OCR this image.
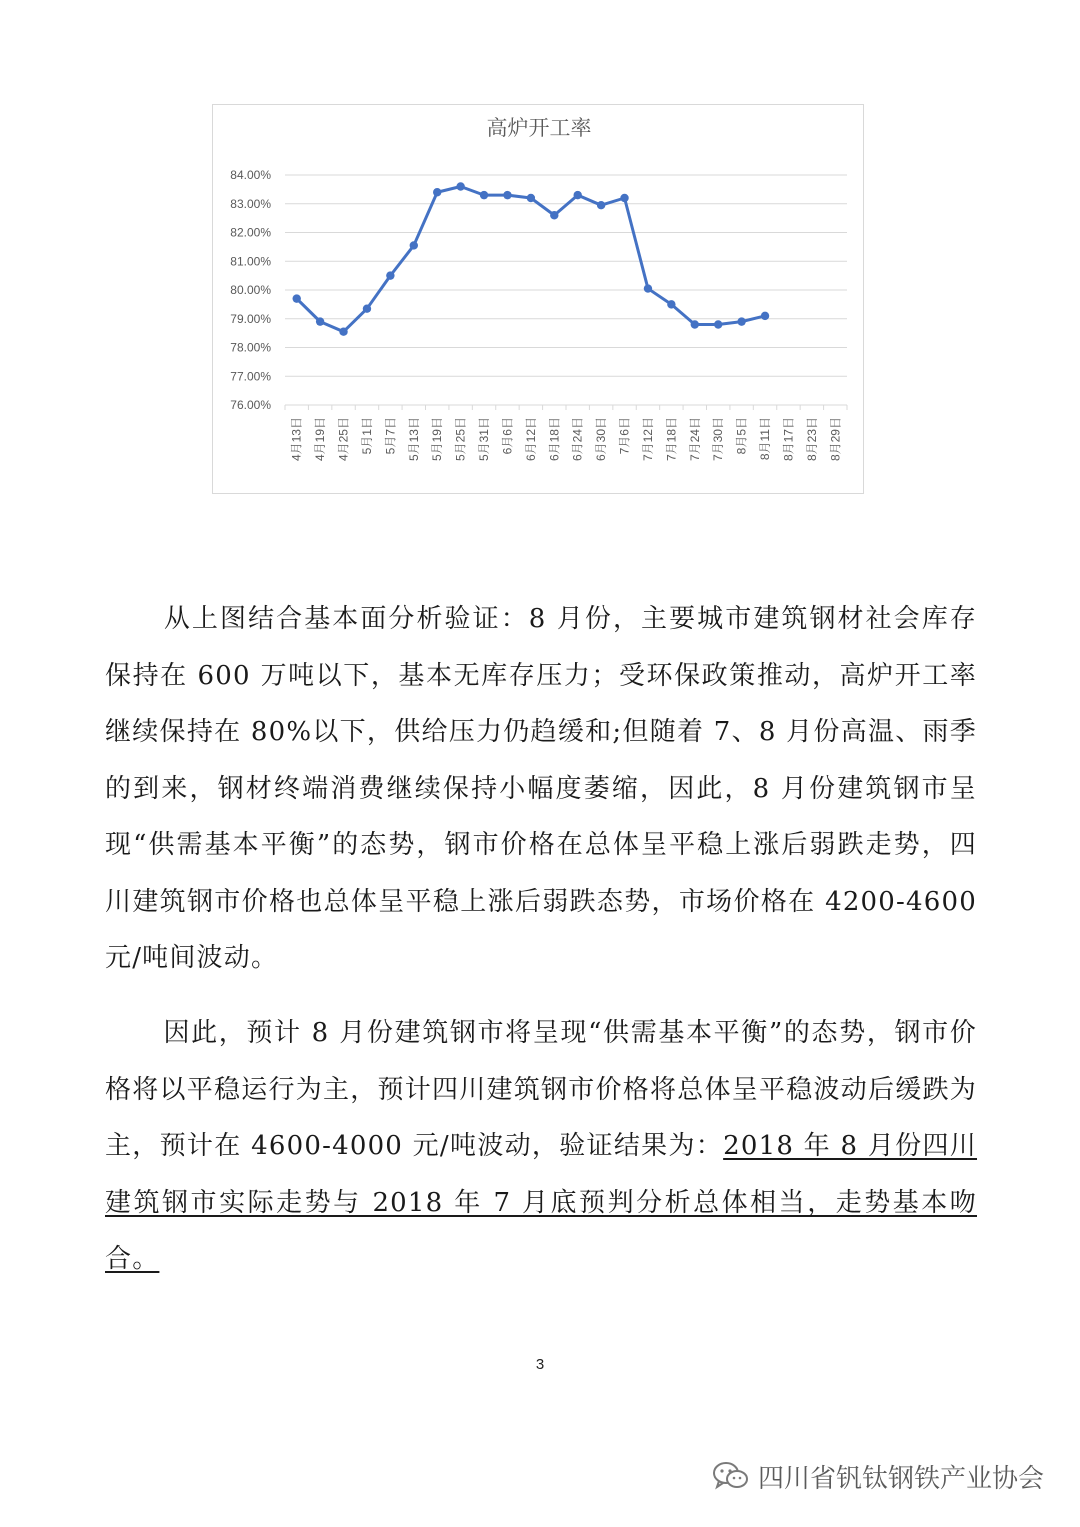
高炉开工率
76.00%
77.00%
78.00%
79.00%
80.00%
81.00%
82.00%
83.00%
84.00%
4月13日 4月19日 4月25日 5月1日 5月7日 5月13日 5月19日 5月25日 5月31日 6月6日 6月12日 6月18日 6月24日 6月30日 7月6日 7月12日 7月18日 7月24日 7月30日 8月5日 8月11日 8月17日 8月23日 8月29日

从上图结合基本面分析验证：8 月份，主要城市建筑钢材社会库存保持在 600 万吨以下，基本无库存压力；受环保政策推动，高炉开工率继续保持在 80%以下，供给压力仍趋缓和;但随着 7、8 月份高温、雨季的到来，钢材终端消费继续保持小幅度萎缩，因此，8 月份建筑钢市呈现“供需基本平衡”的态势，钢市价格在总体呈平稳上涨后弱跌走势，四川建筑钢市价格也总体呈平稳上涨后弱跌态势，市场价格在 4200-4600 元/吨间波动。

因此，预计 8 月份建筑钢市将呈现“供需基本平衡”的态势，钢市价格将以平稳运行为主，预计四川建筑钢市价格将总体呈平稳波动后缓跌为主，预计在 4600-4000 元/吨波动，验证结果为：2018 年 8 月份四川建筑钢市实际走势与 2018 年 7 月底预判分析总体相当，走势基本吻合。

3
四川省钒钛钢铁产业协会
